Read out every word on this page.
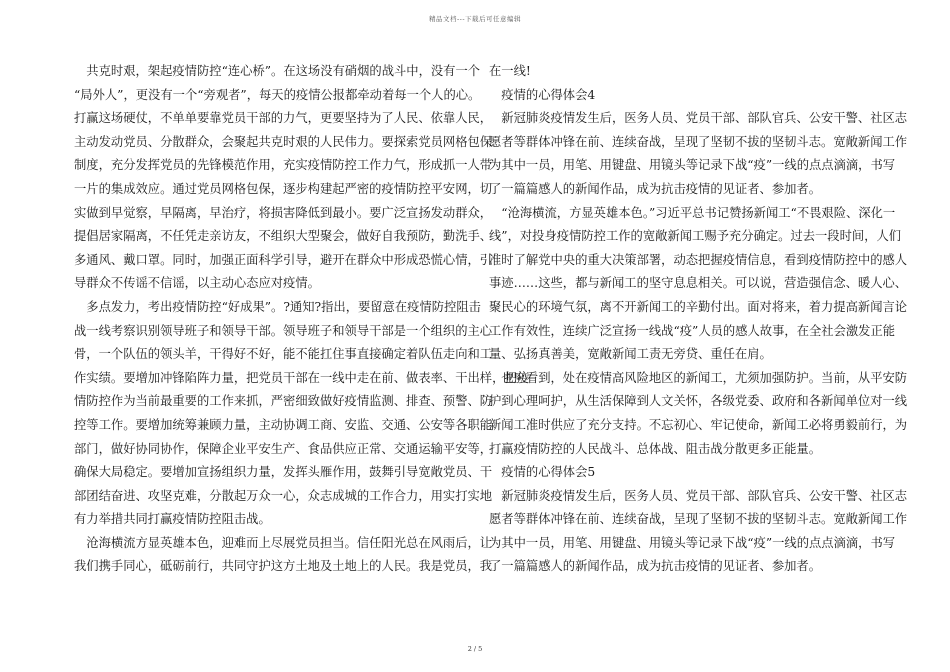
精品文档---下载后可任意编辑
　共克时艰，架起疫情防控“连心桥”。在这场没有硝烟的战斗中，没有一个
“局外人”，更没有一个“旁观者”，每天的疫情公报都牵动着每一个人的心。
打赢这场硬仗，不单单要靠党员干部的力气，更要坚持为了人民、依靠人民，
主动发动党员、分散群众，会聚起共克时艰的人民伟力。要探索党员网格包保
制度，充分发挥党员的先锋模范作用，充实疫情防控工作力气，形成抓一人带
一片的集成效应。通过党员网格包保，逐步构建起严密的疫情防控平安网，切
实做到早觉察，早隔离，早治疗，将损害降低到最小。要广泛宣扬发动群众，
提倡居家隔离，不任凭走亲访友，不组织大型聚会，做好自我预防，勤洗手、
多通风、戴口罩。同时，加强正面科学引导，避开在群众中形成恐慌心情，引
导群众不传谣不信谣，以主动心态应对疫情。
　多点发力，考出疫情防控“好成果”。?通知?指出，要留意在疫情防控阻击
战一线考察识别领导班子和领导干部。领导班子和领导干部是一个组织的主心
骨，一个队伍的领头羊，干得好不好，能不能扛住事直接确定着队伍走向和工
作实绩。要增加冲锋陷阵力量，把党员干部在一线中走在前、做表率、干出样，把疫
情防控作为当前最重要的工作来抓，严密细致做好疫情监测、排查、预警、防
控等工作。要增加统筹兼顾力量，主动协调工商、安监、交通、公安等各职能
部门，做好协同协作，保障企业平安生产、食品供应正常、交通运输平安等，
确保大局稳定。要增加宣扬组织力量，发挥头雁作用，鼓舞引导宽敞党员、干
部团结奋进、攻坚克难，分散起万众一心，众志成城的工作合力，用实打实地
有力举措共同打赢疫情防控阻击战。
　沧海横流方显英雄本色，迎难而上尽展党员担当。信任阳光总在风雨后，让
我们携手同心，砥砺前行，共同守护这方土地及土地上的人民。我是党员，我
在一线!
　疫情的心得体会4
　新冠肺炎疫情发生后，医务人员、党员干部、部队官兵、公安干警、社区志
愿者等群体冲锋在前、连续奋战，呈现了坚韧不拔的坚韧斗志。宽敞新闻工作
为其中一员，用笔、用键盘、用镜头等记录下战“疫”一线的点点滴滴，书写
了一篇篇感人的新闻作品，成为抗击疫情的见证者、参加者。
　“沧海横流，方显英雄本色。”习近平总书记赞扬新闻工“不畏艰险、深化一
线”，对投身疫情防控工作的宽敞新闻工赐予充分确定。过去一段时间，人们
准时了解党中央的重大决策部署，动态把握疫情信息，看到疫情防控中的感人
事迹……这些，都与新闻工的坚守息息相关。可以说，营造强信念、暖人心、
聚民心的环境气氛，离不开新闻工的辛勤付出。面对将来，着力提高新闻言论
工作有效性，连续广泛宣扬一线战“疫”人员的感人故事，在全社会激发正能
量、弘扬真善美，宽敞新闻工责无旁贷、重任在肩。
　也应看到，处在疫情高风险地区的新闻工，尤须加强防护。当前，从平安防
护到心理呵护，从生活保障到人文关怀，各级党委、政府和各新闻单位对一线
新闻工准时供应了充分支持。不忘初心、牢记使命，新闻工必将勇毅前行，为
打赢疫情防控的人民战斗、总体战、阻击战分散更多正能量。
　疫情的心得体会5
　新冠肺炎疫情发生后，医务人员、党员干部、部队官兵、公安干警、社区志
愿者等群体冲锋在前、连续奋战，呈现了坚韧不拔的坚韧斗志。宽敞新闻工作
为其中一员，用笔、用键盘、用镜头等记录下战“疫”一线的点点滴滴，书写
了一篇篇感人的新闻作品，成为抗击疫情的见证者、参加者。
2 / 5
